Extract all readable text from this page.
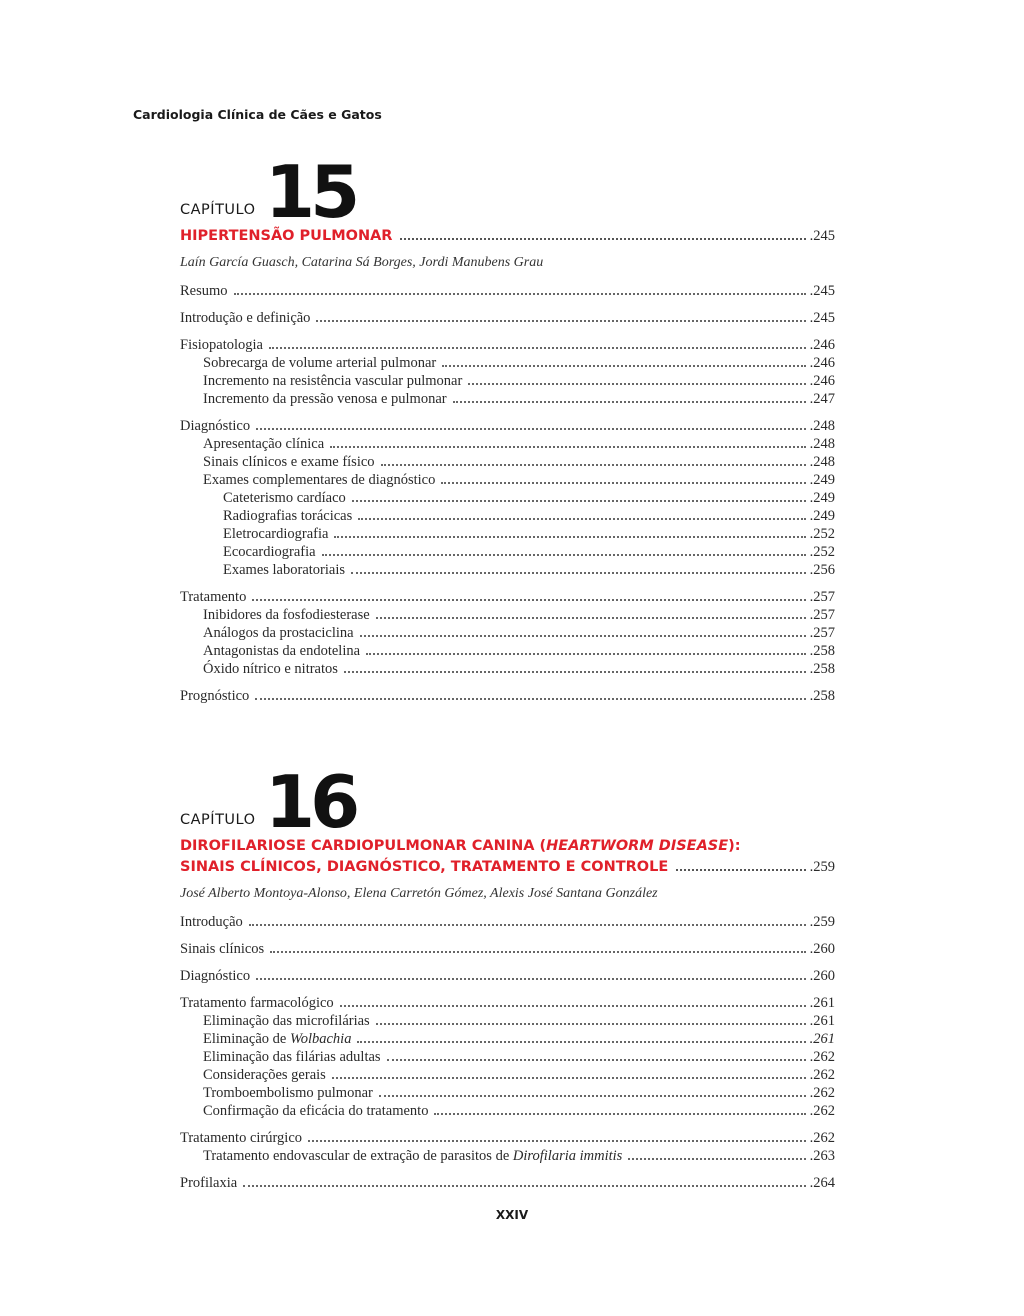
Cardiologia Clínica de Cães e Gatos
CAPÍTULO 15
HIPERTENSÃO PULMONAR	.245
Laín García Guasch, Catarina Sá Borges, Jordi Manubens Grau
Resumo	.245
Introdução e definição	.245
Fisiopatologia	.246
Sobrecarga de volume arterial pulmonar	.246
Incremento na resistência vascular pulmonar	.246
Incremento da pressão venosa e pulmonar	.247
Diagnóstico	.248
Apresentação clínica	.248
Sinais clínicos e exame físico	.248
Exames complementares de diagnóstico	.249
Cateterismo cardíaco	.249
Radiografias torácicas	.249
Eletrocardiografia	.252
Ecocardiografia	.252
Exames laboratoriais	.256
Tratamento	.257
Inibidores da fosfodiesterase	.257
Análogos da prostaciclina	.257
Antagonistas da endotelina	.258
Óxido nítrico e nitratos	.258
Prognóstico	.258
CAPÍTULO 16
DIROFILARIOSE CARDIOPULMONAR CANINA (HEARTWORM DISEASE):
SINAIS CLÍNICOS, DIAGNÓSTICO, TRATAMENTO E CONTROLE	.259
José Alberto Montoya-Alonso, Elena Carretón Gómez, Alexis José Santana González
Introdução	.259
Sinais clínicos	.260
Diagnóstico	.260
Tratamento farmacológico	.261
Eliminação das microfilárias	.261
Eliminação de Wolbachia	.261
Eliminação das filárias adultas	.262
Considerações gerais	.262
Tromboembolismo pulmonar	.262
Confirmação da eficácia do tratamento	.262
Tratamento cirúrgico	.262
Tratamento endovascular de extração de parasitos de Dirofilaria immitis	.263
Profilaxia	.264
XXIV
